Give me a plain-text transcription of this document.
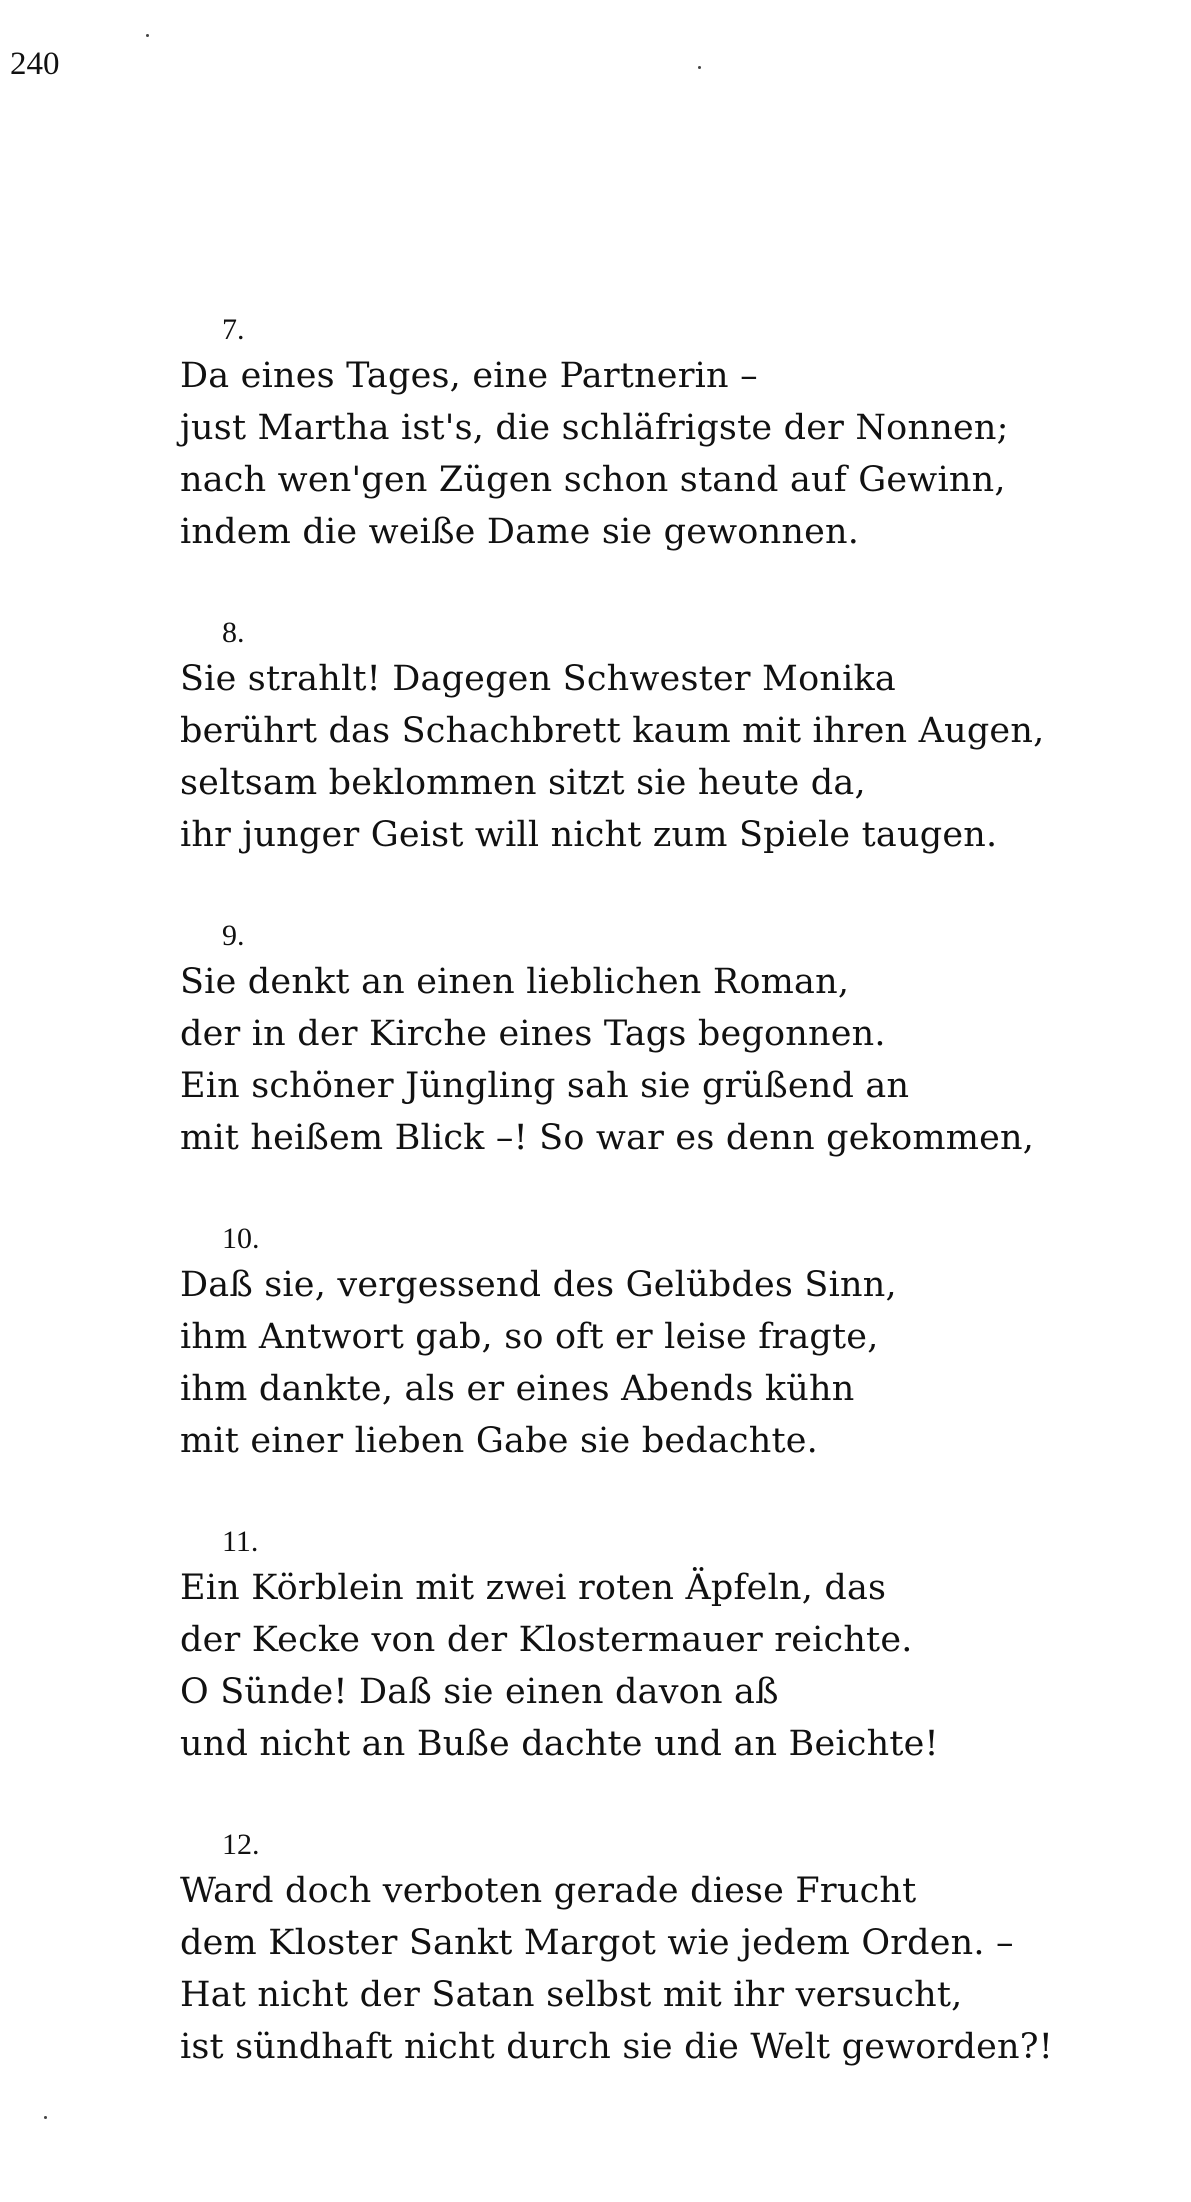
240
7.
Da eines Tages, eine Partnerin –
just Martha ist's, die schläfrigste der Nonnen;
nach wen'gen Zügen schon stand auf Gewinn,
indem die weiße Dame sie gewonnen.
8.
Sie strahlt! Dagegen Schwester Monika
berührt das Schachbrett kaum mit ihren Augen,
seltsam beklommen sitzt sie heute da,
ihr junger Geist will nicht zum Spiele taugen.
9.
Sie denkt an einen lieblichen Roman,
der in der Kirche eines Tags begonnen.
Ein schöner Jüngling sah sie grüßend an
mit heißem Blick –! So war es denn gekommen,
10.
Daß sie, vergessend des Gelübdes Sinn,
ihm Antwort gab, so oft er leise fragte,
ihm dankte, als er eines Abends kühn
mit einer lieben Gabe sie bedachte.
11.
Ein Körblein mit zwei roten Äpfeln, das
der Kecke von der Klostermauer reichte.
O Sünde! Daß sie einen davon aß
und nicht an Buße dachte und an Beichte!
12.
Ward doch verboten gerade diese Frucht
dem Kloster Sankt Margot wie jedem Orden. –
Hat nicht der Satan selbst mit ihr versucht,
ist sündhaft nicht durch sie die Welt geworden?!
